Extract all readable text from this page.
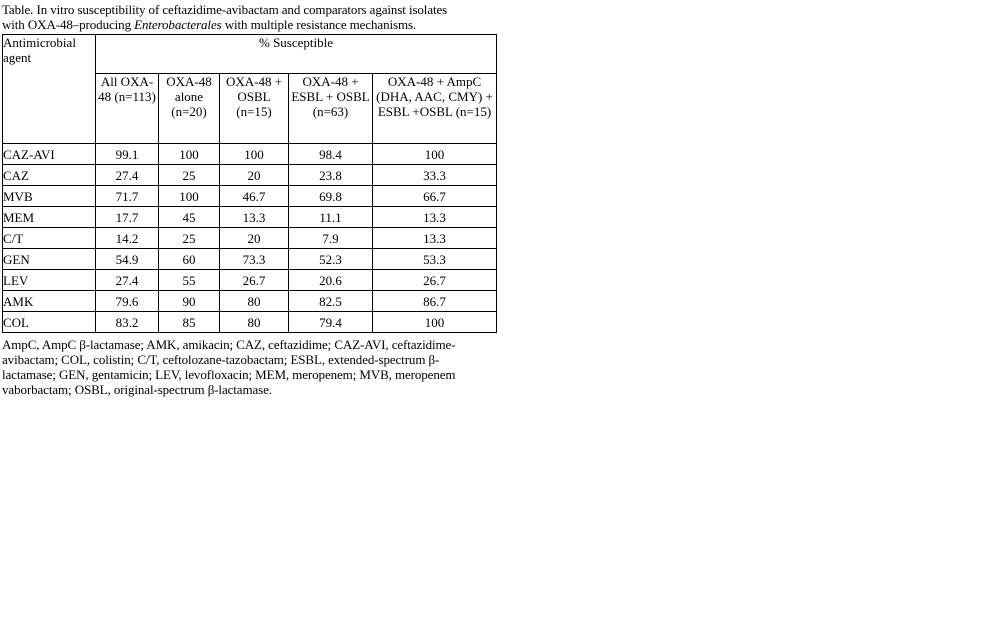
Table. In vitro susceptibility of ceftazidime-avibactam and comparators against isolates with OXA-48–producing Enterobacterales with multiple resistance mechanisms.

Antimicrobial agent	% Susceptible				
	All OXA-48 (n=113)	OXA-48 alone (n=20)	OXA-48 + OSBL (n=15)	OXA-48 + ESBL + OSBL (n=63)	OXA-48 + AmpC (DHA, AAC, CMY) + ESBL +OSBL (n=15)
CAZ-AVI	99.1	100	100	98.4	100
CAZ	27.4	25	20	23.8	33.3
MVB	71.7	100	46.7	69.8	66.7
MEM	17.7	45	13.3	11.1	13.3
C/T	14.2	25	20	7.9	13.3
GEN	54.9	60	73.3	52.3	53.3
LEV	27.4	55	26.7	20.6	26.7
AMK	79.6	90	80	82.5	86.7
COL	83.2	85	80	79.4	100

AmpC, AmpC β-lactamase; AMK, amikacin; CAZ, ceftazidime; CAZ-AVI, ceftazidime-avibactam; COL, colistin; C/T, ceftolozane-tazobactam; ESBL, extended-spectrum β-lactamase; GEN, gentamicin; LEV, levofloxacin; MEM, meropenem; MVB, meropenem vaborbactam; OSBL, original-spectrum β-lactamase.
